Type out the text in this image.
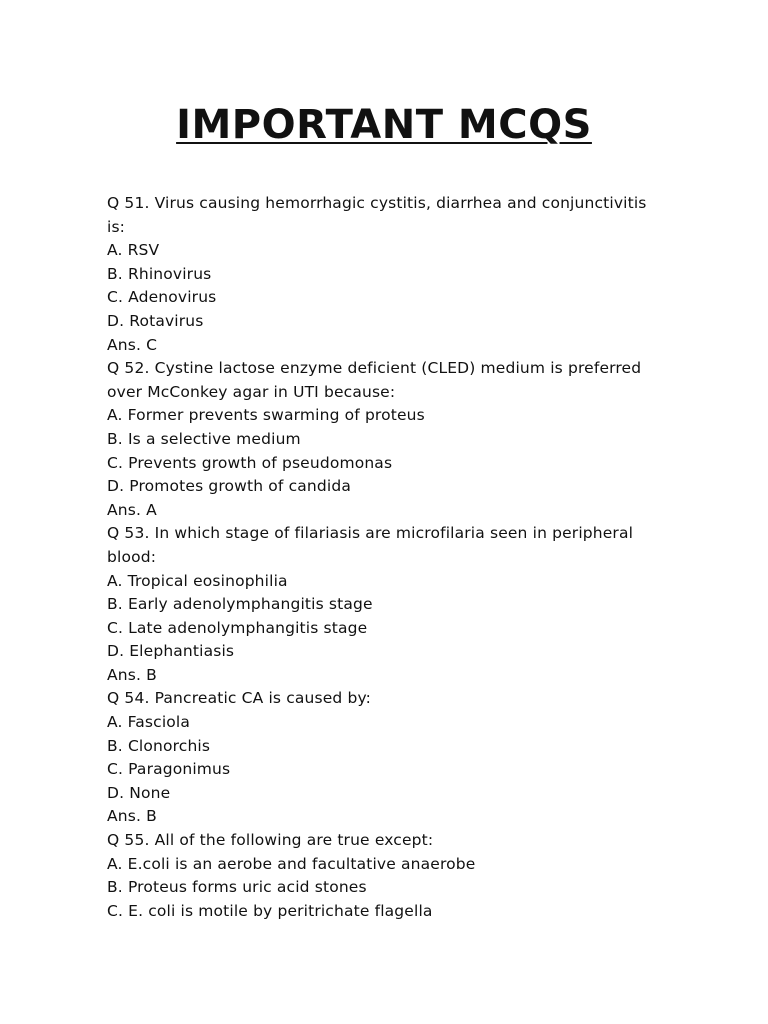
IMPORTANT MCQS

Q 51. Virus causing hemorrhagic cystitis, diarrhea and conjunctivitis

is:

A. RSV

B. Rhinovirus

C. Adenovirus

D. Rotavirus

Ans. C

Q 52. Cystine lactose enzyme deficient (CLED) medium is preferred

over McConkey agar in UTI because:

A. Former prevents swarming of proteus

B. Is a selective medium

C. Prevents growth of pseudomonas

D. Promotes growth of candida

Ans. A

Q 53. In which stage of filariasis are microfilaria seen in peripheral

blood:

A. Tropical eosinophilia

B. Early adenolymphangitis stage

C. Late adenolymphangitis stage

D. Elephantiasis

Ans. B

Q 54. Pancreatic CA is caused by:

A. Fasciola

B. Clonorchis

C. Paragonimus

D. None

Ans. B

Q 55. All of the following are true except:

A. E.coli is an aerobe and facultative anaerobe

B. Proteus forms uric acid stones

C. E. coli is motile by peritrichate flagella
